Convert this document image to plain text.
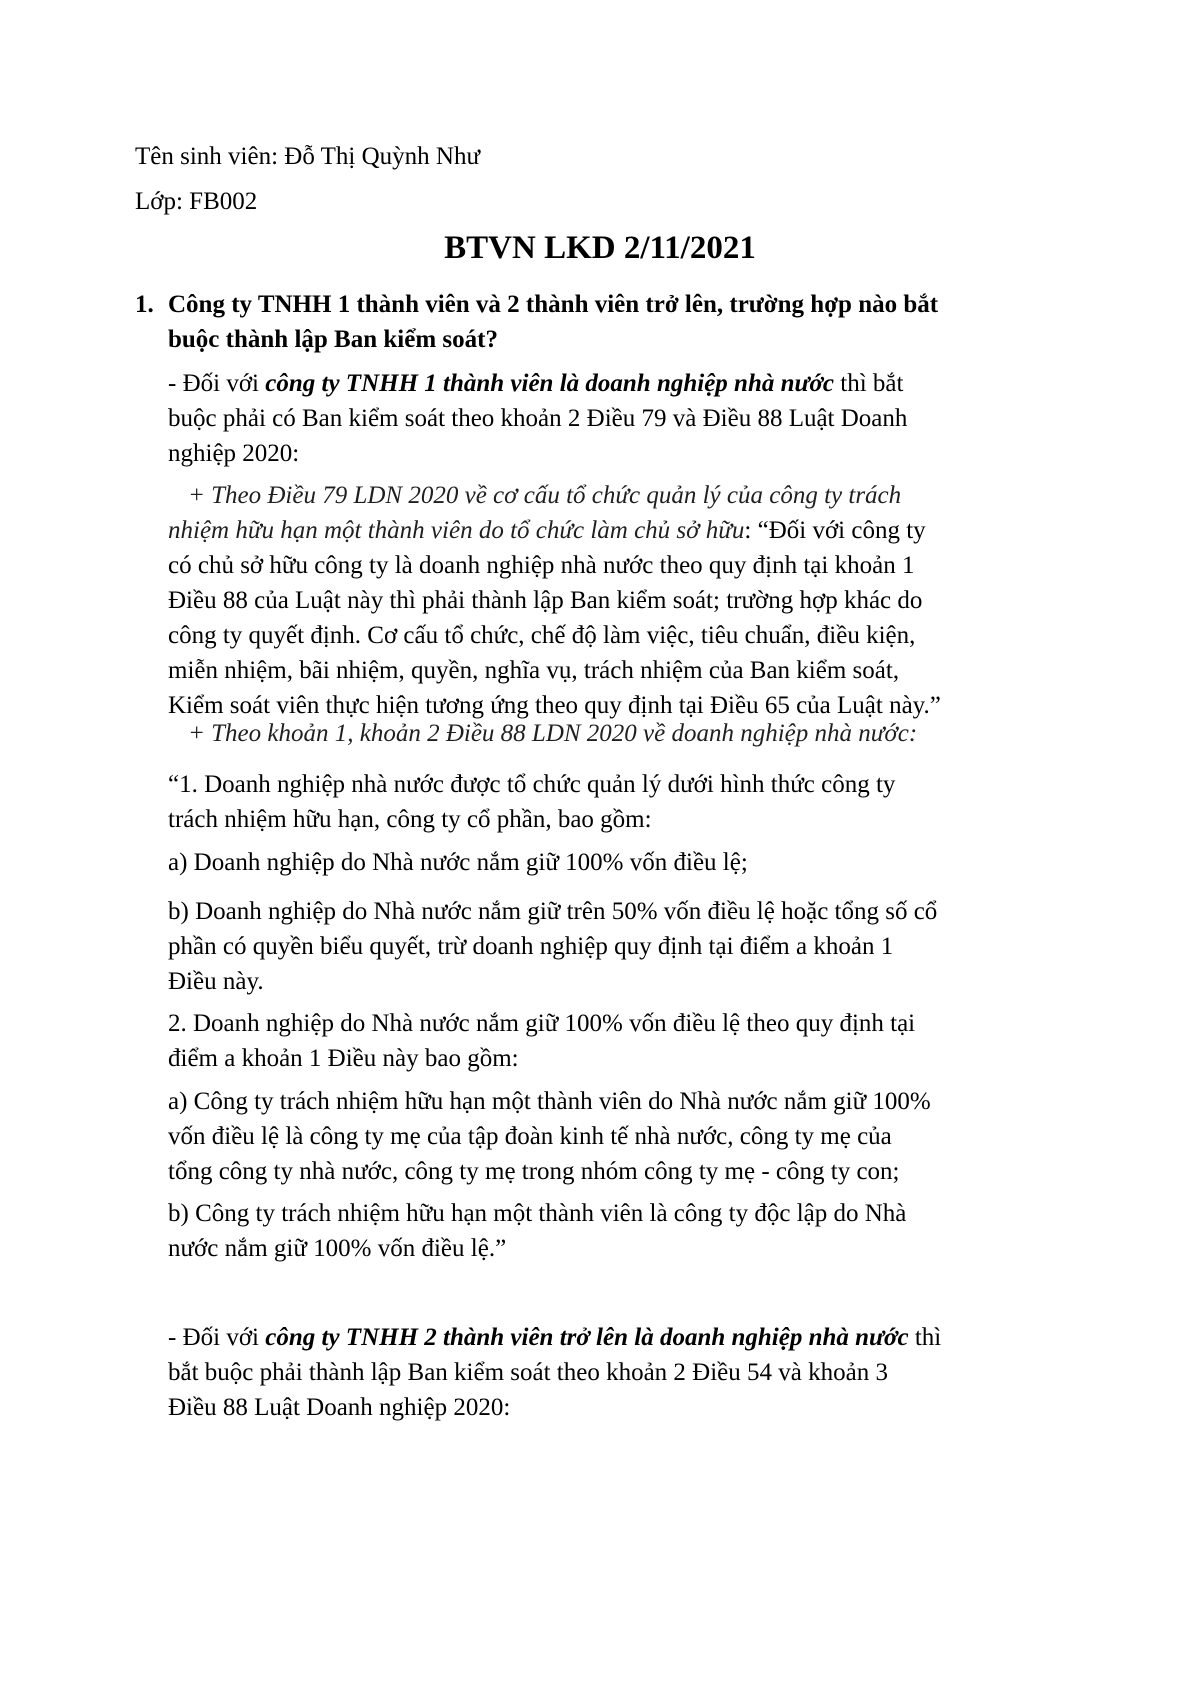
Tên sinh viên: Đỗ Thị Quỳnh Như

Lớp: FB002

BTVN LKD 2/11/2021
1. Công ty TNHH 1 thành viên và 2 thành viên trở lên, trường hợp nào bắt
buộc thành lập Ban kiểm soát?
- Đối với công ty TNHH 1 thành viên là doanh nghiệp nhà nước thì bắt
buộc phải có Ban kiểm soát theo khoản 2 Điều 79 và Điều 88 Luật Doanh
nghiệp 2020:
+ Theo Điều 79 LDN 2020 về cơ cấu tổ chức quản lý của công ty trách
nhiệm hữu hạn một thành viên do tổ chức làm chủ sở hữu: “Đối với công ty
có chủ sở hữu công ty là doanh nghiệp nhà nước theo quy định tại khoản 1
Điều 88 của Luật này thì phải thành lập Ban kiểm soát; trường hợp khác do
công ty quyết định. Cơ cấu tổ chức, chế độ làm việc, tiêu chuẩn, điều kiện,
miễn nhiệm, bãi nhiệm, quyền, nghĩa vụ, trách nhiệm của Ban kiểm soát,
Kiểm soát viên thực hiện tương ứng theo quy định tại Điều 65 của Luật này.”

+ Theo khoản 1, khoản 2 Điều 88 LDN 2020 về doanh nghiệp nhà nước:

“1. Doanh nghiệp nhà nước được tổ chức quản lý dưới hình thức công ty
trách nhiệm hữu hạn, công ty cổ phần, bao gồm:

a) Doanh nghiệp do Nhà nước nắm giữ 100% vốn điều lệ;

b) Doanh nghiệp do Nhà nước nắm giữ trên 50% vốn điều lệ hoặc tổng số cổ
phần có quyền biểu quyết, trừ doanh nghiệp quy định tại điểm a khoản 1
Điều này.
2. Doanh nghiệp do Nhà nước nắm giữ 100% vốn điều lệ theo quy định tại
điểm a khoản 1 Điều này bao gồm:
a) Công ty trách nhiệm hữu hạn một thành viên do Nhà nước nắm giữ 100%
vốn điều lệ là công ty mẹ của tập đoàn kinh tế nhà nước, công ty mẹ của
tổng công ty nhà nước, công ty mẹ trong nhóm công ty mẹ - công ty con;
b) Công ty trách nhiệm hữu hạn một thành viên là công ty độc lập do Nhà
nước nắm giữ 100% vốn điều lệ.”
- Đối với công ty TNHH 2 thành viên trở lên là doanh nghiệp nhà nước thì
bắt buộc phải thành lập Ban kiểm soát theo khoản 2 Điều 54 và khoản 3
Điều 88 Luật Doanh nghiệp 2020:
